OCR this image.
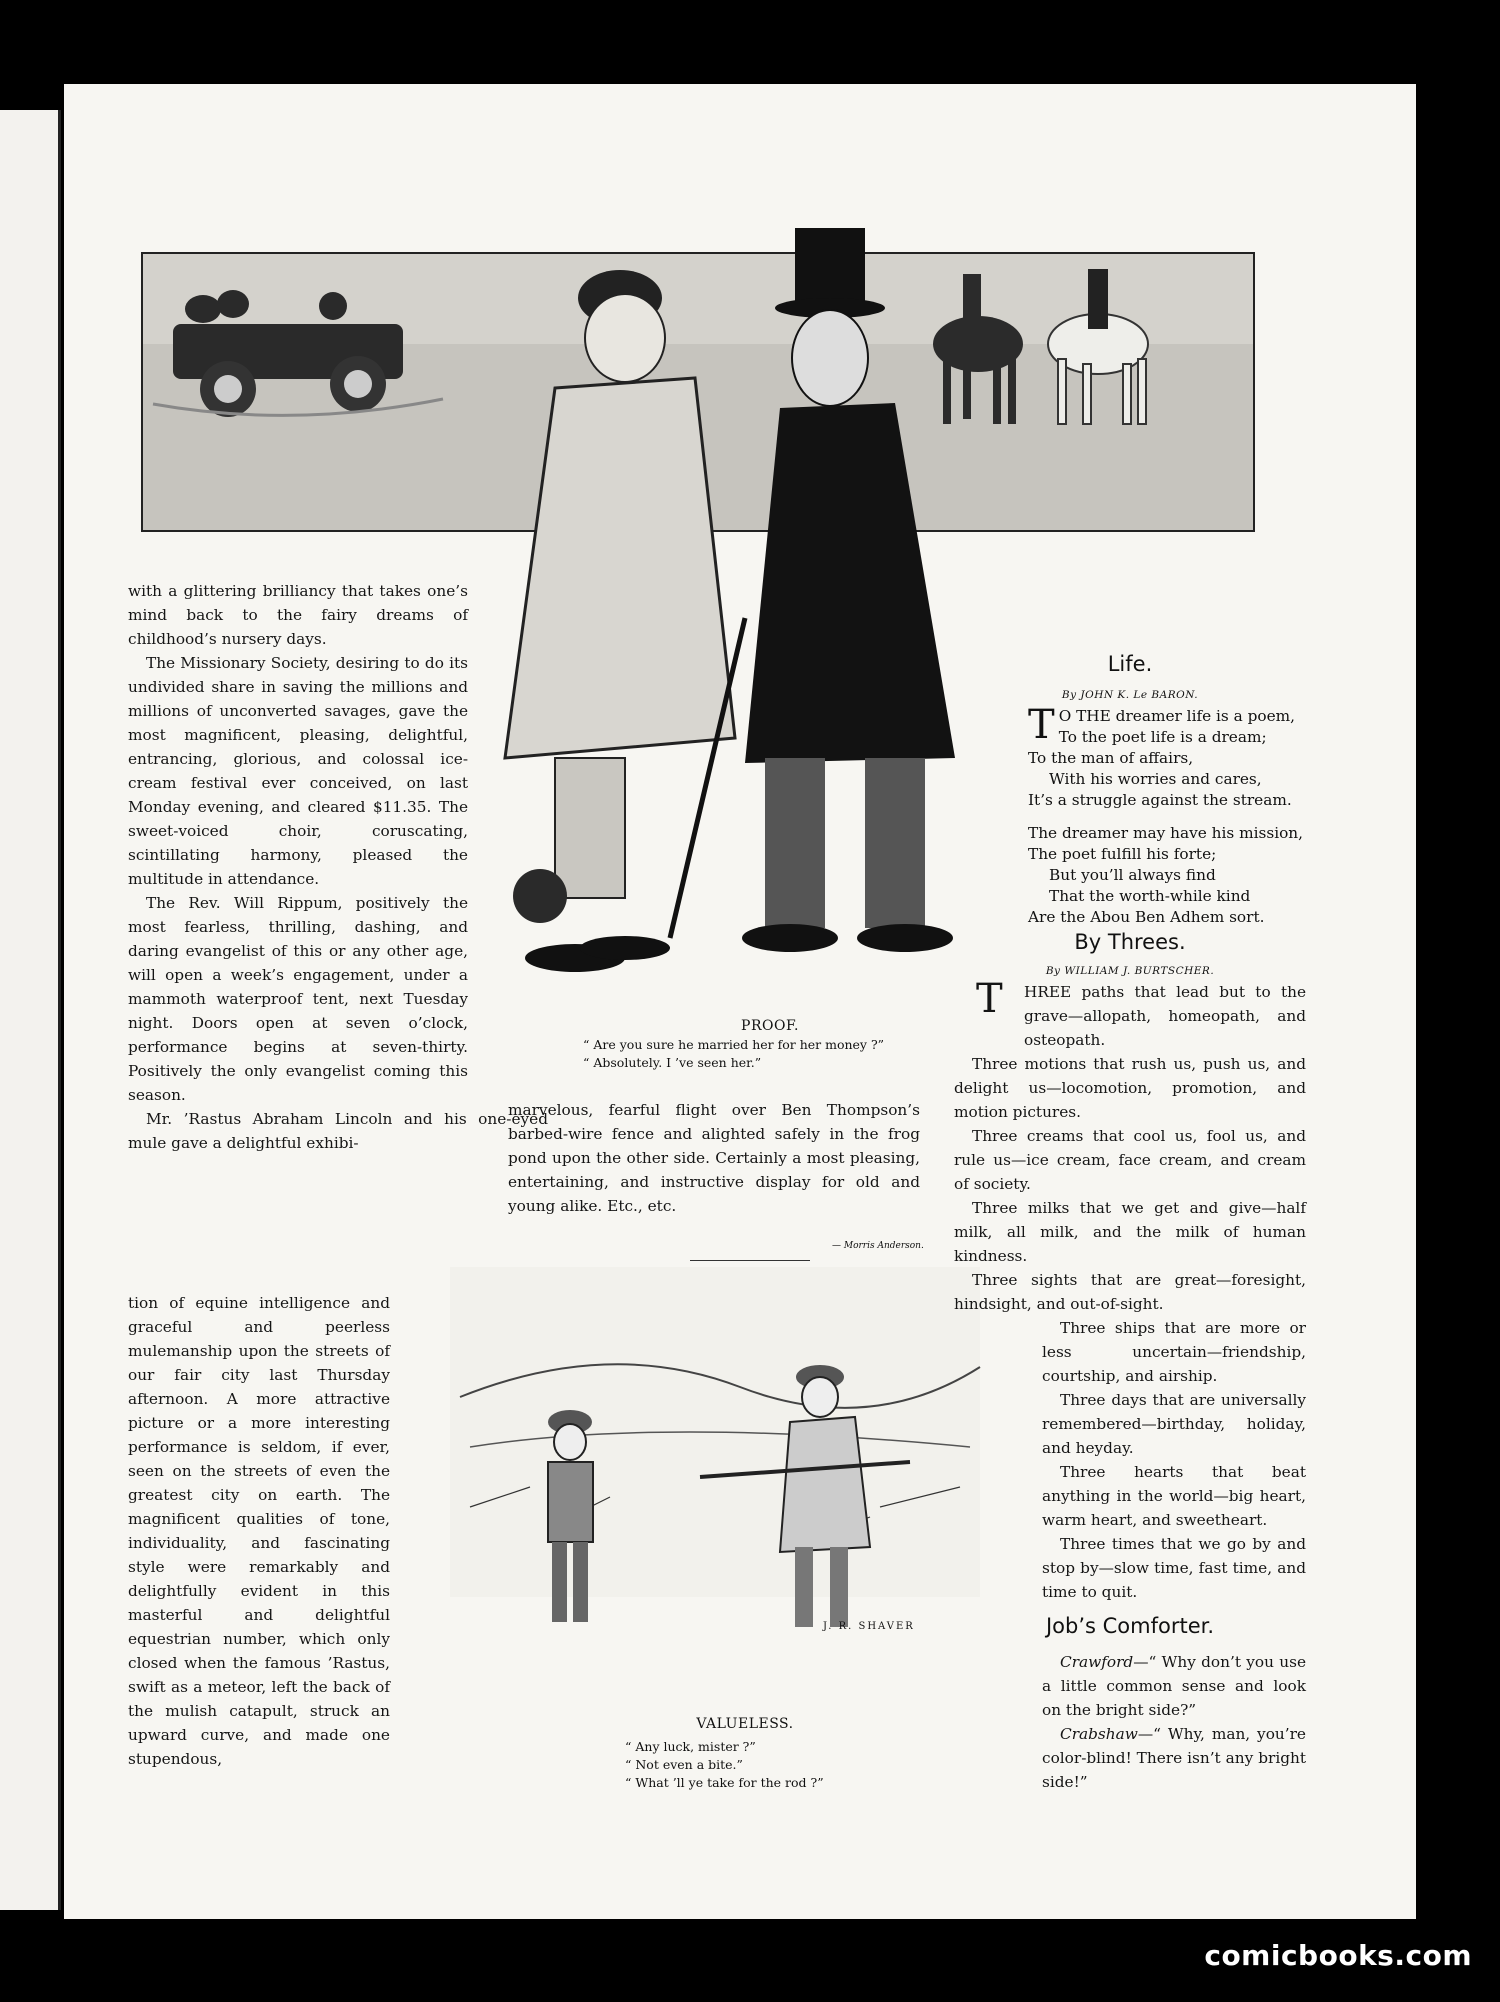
PROOF.
“ Are you sure he married her for her money ?”
“ Absolutely. I ’ve seen her.”

with a glittering brilliancy that takes one’s mind back to the fairy dreams of childhood’s nursery days.

The Missionary Society, desiring to do its undivided share in saving the millions and millions of unconverted savages, gave the most magnificent, pleasing, delightful, entrancing, glorious, and colossal ice-cream festival ever conceived, on last Monday evening, and cleared $11.35. The sweet-voiced choir, coruscating, scintillating harmony, pleased the multitude in attendance.

The Rev. Will Rippum, positively the most fearless, thrilling, dashing, and daring evangelist of this or any other age, will open a week’s engagement, under a mammoth waterproof tent, next Tuesday night. Doors open at seven o’clock, performance begins at seven-thirty. Positively the only evangelist coming this season.

Mr. ’Rastus Abraham Lincoln and his one-eyed mule gave a delightful exhibi-

tion of equine intelligence and graceful and peerless mulemanship upon the streets of our fair city last Thursday afternoon. A more attractive picture or a more interesting performance is seldom, if ever, seen on the streets of even the greatest city on earth. The magnificent qualities of tone, individuality, and fascinating style were remarkably and delightfully evident in this masterful and delightful equestrian number, which only closed when the famous ’Rastus, swift as a meteor, left the back of the mulish catapult, struck an upward curve, and made one stupendous,

marvelous, fearful flight over Ben Thompson’s barbed-wire fence and alighted safely in the frog pond upon the other side. Certainly a most pleasing, entertaining, and instructive display for old and young alike. Etc., etc.

— Morris Anderson.
J. R. SHAVER
VALUELESS.
“ Any luck, mister ?”
“ Not even a bite.”
“ What ’ll ye take for the rod ?”
Life.
By JOHN K. Le BARON.
T O THE dreamer life is a poem,
To the poet life is a dream;
To the man of affairs,
With his worries and cares,
It’s a struggle against the stream.
The dreamer may have his mission,
The poet fulfill his forte;
But you’ll always find
That the worth-while kind
Are the Abou Ben Adhem sort.
By Threes.
By WILLIAM J. BURTSCHER.

T HREE paths that lead but to the grave—allopath, homeopath, and osteopath.

Three motions that rush us, push us, and delight us—locomotion, promotion, and motion pictures.

Three creams that cool us, fool us, and rule us—ice cream, face cream, and cream of society.

Three milks that we get and give—half milk, all milk, and the milk of human kindness.

Three sights that are great—foresight, hindsight, and out-of-sight.

Three ships that are more or less uncertain—friendship, courtship, and airship.

Three days that are universally remembered—birthday, holiday, and heyday.

Three hearts that beat anything in the world—big heart, warm heart, and sweetheart.

Three times that we go by and stop by—slow time, fast time, and time to quit.

Job’s Comforter.

Crawford—“ Why don’t you use a little common sense and look on the bright side?”

Crabshaw—“ Why, man, you’re color-blind! There isn’t any bright side!”

comicbooks.com
